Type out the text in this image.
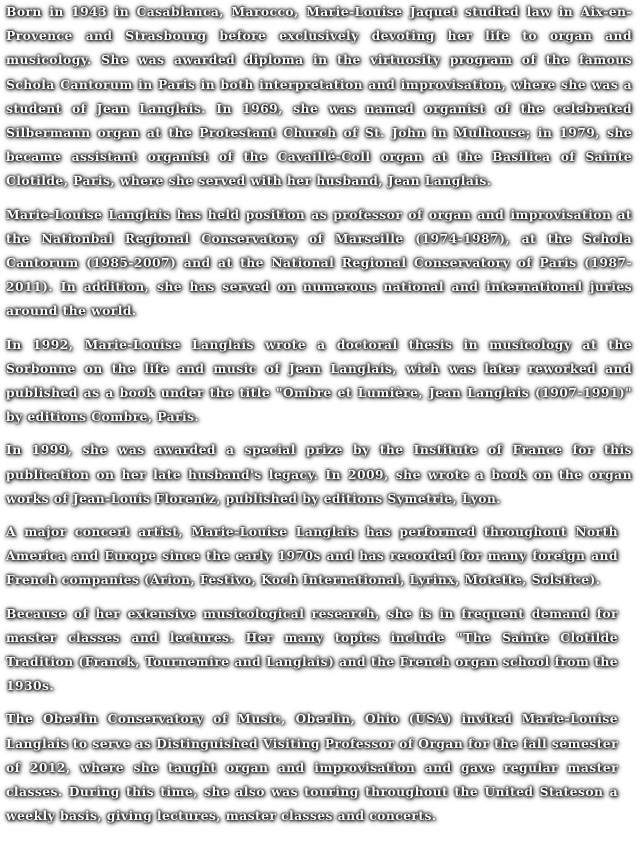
Born in 1943 in Casablanca, Marocco, Marie-Louise Jaquet studied law in Aix-en-Provence and Strasbourg before exclusively devoting her life to organ and musicology. She was awarded diploma in the virtuosity program of the famous Schola Cantorum in Paris in both interpretation and improvisation, where she was a student of Jean Langlais. In 1969, she was named organist of the celebrated Silbermann organ at the Protestant Church of St. John in Mulhouse; in 1979, she became assistant organist of the Cavaillé-Coll organ at the Basilica of Sainte Clotilde, Paris, where she served with her husband, Jean Langlais.

Marie-Louise Langlais has held position as professor of organ and improvisation at the Nationbal Regional Conservatory of Marseille (1974-1987), at the Schola Cantorum (1985-2007) and at the National Regional Conservatory of Paris (1987-2011). In addition, she has served on numerous national and international juries around the world.

In 1992, Marie-Louise Langlais wrote a doctoral thesis in musicology at the Sorbonne on the life and music of Jean Langlais, wich was later reworked and published as a book under the title "Ombre et Lumière, Jean Langlais (1907-1991)" by editions Combre, Paris.

In 1999, she was awarded a special prize by the Institute of France for this publication on her late husband's legacy. In 2009, she wrote a book on the organ works of Jean-Louis Florentz, published by editions Symetrie, Lyon.

A major concert artist, Marie-Louise Langlais has performed throughout North America and Europe since the early 1970s and has recorded for many foreign and French companies (Arion, Festivo, Koch International, Lyrinx, Motette, Solstice).

Because of her extensive musicological research, she is in frequent demand for master classes and lectures. Her many topics include "The Sainte Clotilde Tradition (Franck, Tournemire and Langlais) and the French organ school from the 1930s.

The Oberlin Conservatory of Music, Oberlin, Ohio (USA) invited Marie-Louise Langlais to serve as Distinguished Visiting Professor of Organ for the fall semester of 2012, where she taught organ and improvisation and gave regular master classes. During this time, she also was touring throughout the United Stateson a weekly basis, giving lectures, master classes and concerts.
